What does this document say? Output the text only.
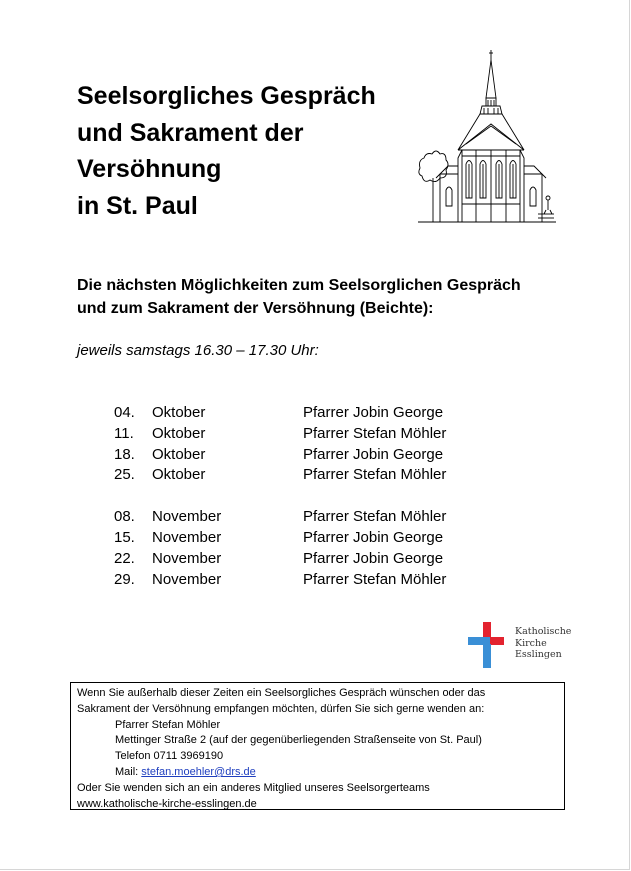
Seelsorgliches Gespräch
und Sakrament der
Versöhnung
in St. Paul
Die nächsten Möglichkeiten zum Seelsorglichen Gespräch
und zum Sakrament der Versöhnung (Beichte):
jeweils samstags 16.30 – 17.30 Uhr:
04. Oktober	Pfarrer Jobin George
11. Oktober	Pfarrer Stefan Möhler
18. Oktober	Pfarrer Jobin George
25. Oktober	Pfarrer Stefan Möhler
08. November	Pfarrer Stefan Möhler
15. November	Pfarrer Jobin George
22. November	Pfarrer Jobin George
29. November	Pfarrer Stefan Möhler
Katholische
Kirche
Esslingen
Wenn Sie außerhalb dieser Zeiten ein Seelsorgliches Gespräch wünschen oder das
Sakrament der Versöhnung empfangen möchten, dürfen Sie sich gerne wenden an:
Pfarrer Stefan Möhler
Mettinger Straße 2 (auf der gegenüberliegenden Straßenseite von St. Paul)
Telefon 0711 3969190
Mail: stefan.moehler@drs.de
Oder Sie wenden sich an ein anderes Mitglied unseres Seelsorgerteams
www.katholische-kirche-esslingen.de
